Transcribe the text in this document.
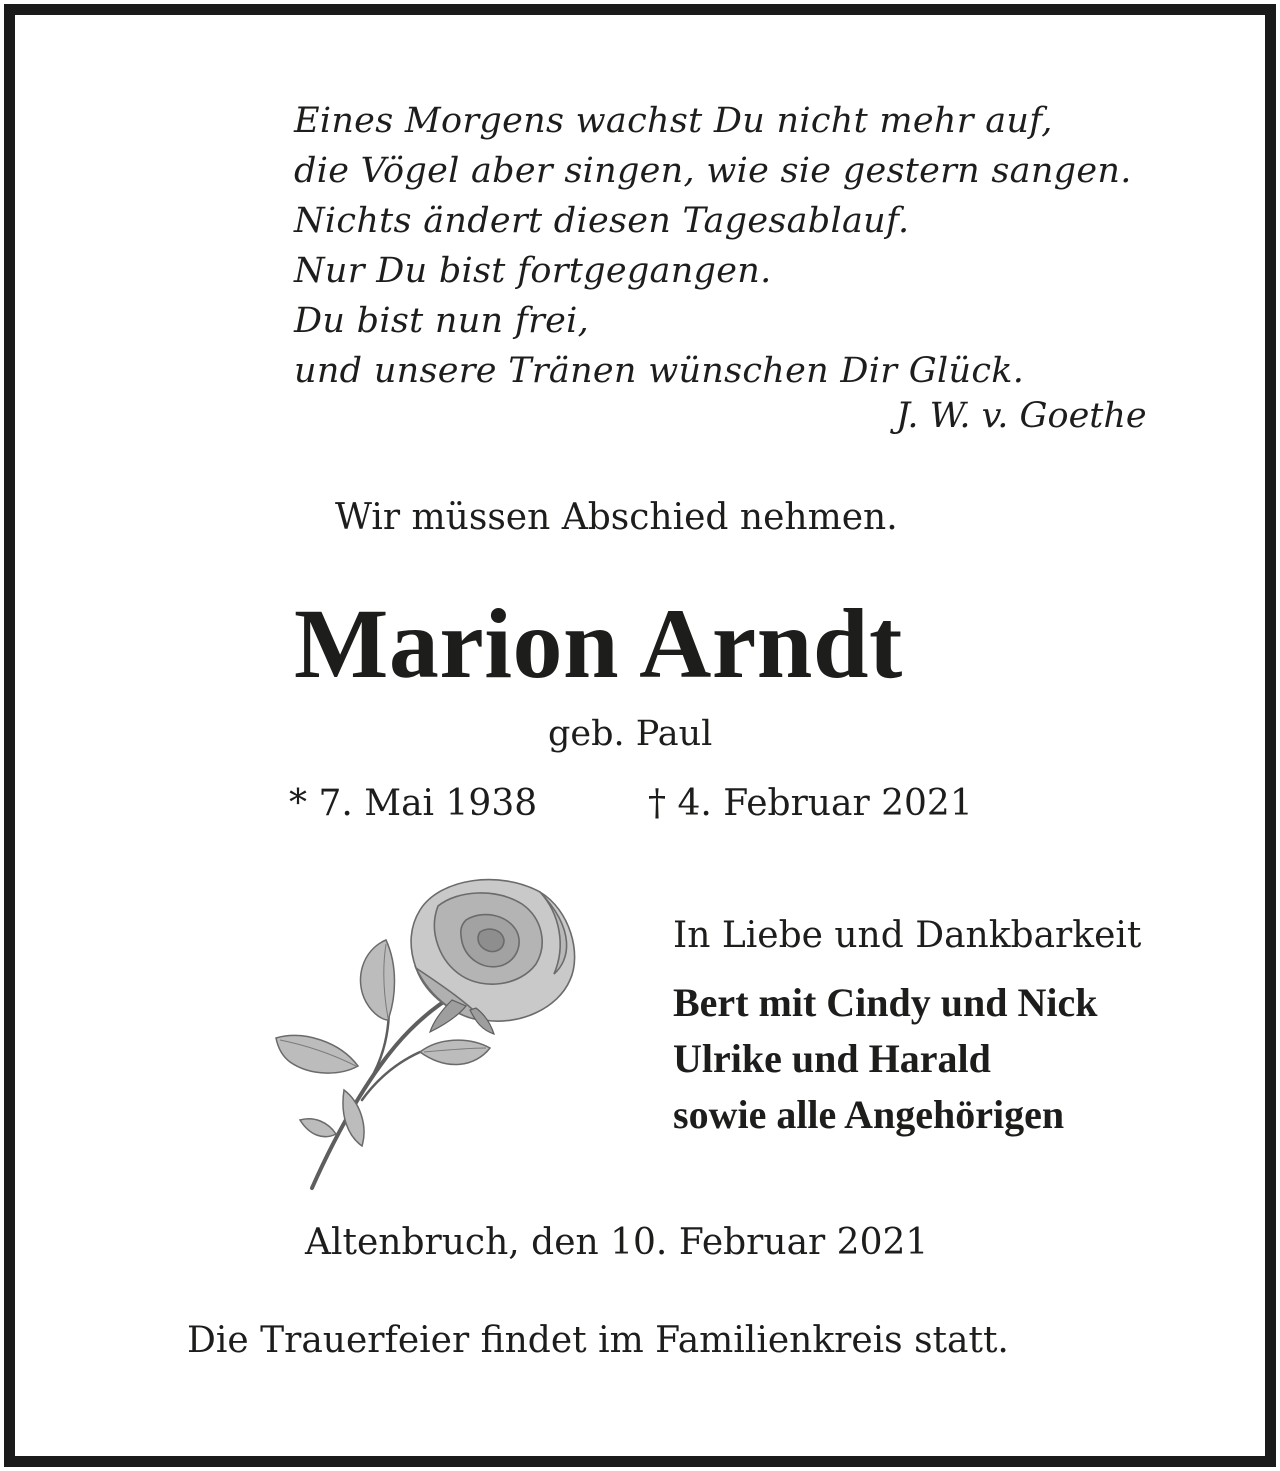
Eines Morgens wachst Du nicht mehr auf,
die Vögel aber singen, wie sie gestern sangen.
Nichts ändert diesen Tagesablauf.
Nur Du bist fortgegangen.
Du bist nun frei,
und unsere Tränen wünschen Dir Glück.

J. W. v. Goethe

Wir müssen Abschied nehmen.

Marion Arndt

geb. Paul

* 7. Mai 1938	† 4. Februar 2021

In Liebe und Dankbarkeit

Bert mit Cindy und Nick

Ulrike und Harald

sowie alle Angehörigen

Altenbruch, den 10. Februar 2021

Die Trauerfeier findet im Familienkreis statt.
